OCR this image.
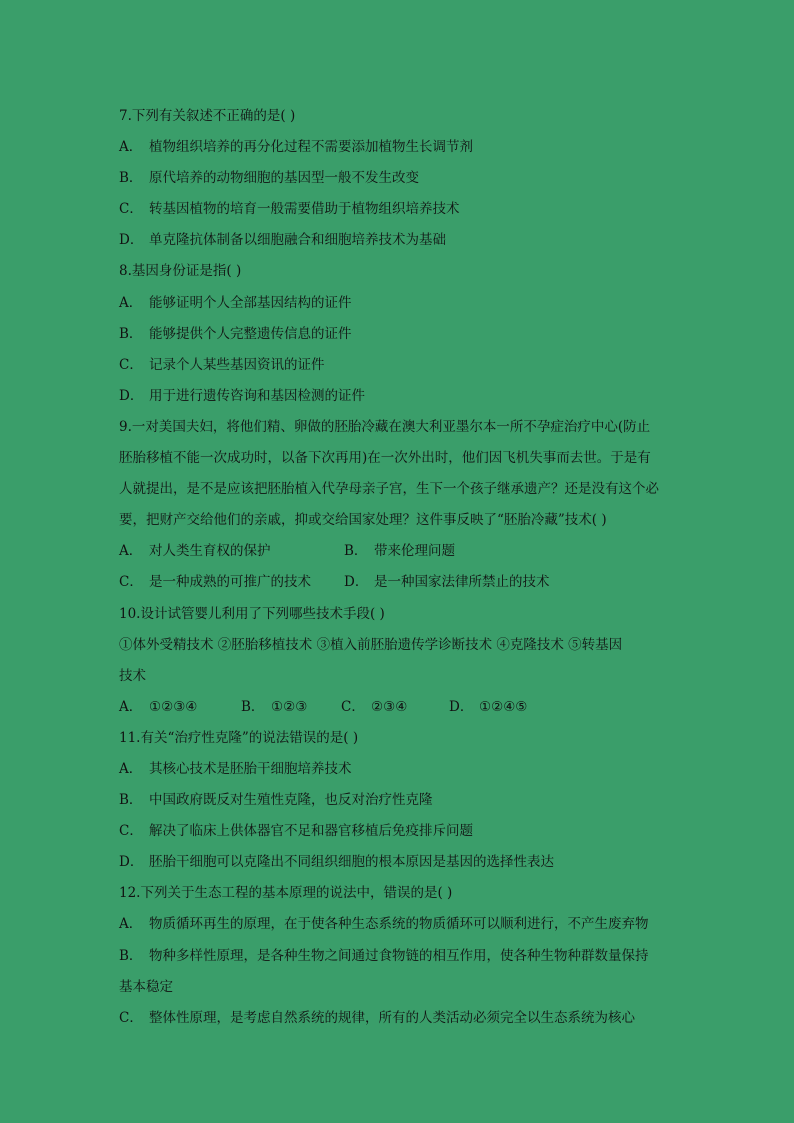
7.下列有关叙述不正确的是( )
A． 植物组织培养的再分化过程不需要添加植物生长调节剂
B． 原代培养的动物细胞的基因型一般不发生改变
C． 转基因植物的培育一般需要借助于植物组织培养技术
D． 单克隆抗体制备以细胞融合和细胞培养技术为基础
8.基因身份证是指( )
A． 能够证明个人全部基因结构的证件
B． 能够提供个人完整遗传信息的证件
C． 记录个人某些基因资讯的证件
D． 用于进行遗传咨询和基因检测的证件
9.一对美国夫妇，将他们精、卵做的胚胎冷藏在澳大利亚墨尔本一所不孕症治疗中心(防止
胚胎移植不能一次成功时，以备下次再用)在一次外出时，他们因飞机失事而去世。于是有
人就提出，是不是应该把胚胎植入代孕母亲子宫，生下一个孩子继承遗产？还是没有这个必
要，把财产交给他们的亲戚，抑或交给国家处理？这件事反映了“胚胎冷藏”技术( )
A． 对人类生育权的保护	B． 带来伦理问题
C． 是一种成熟的可推广的技术 D． 是一种国家法律所禁止的技术
10.设计试管婴儿利用了下列哪些技术手段( )
①体外受精技术 ②胚胎移植技术 ③植入前胚胎遗传学诊断技术 ④克隆技术 ⑤转基因
技术
A． ①②③④	B． ①②③ C． ②③④	D． ①②④⑤
11.有关“治疗性克隆”的说法错误的是( )
A． 其核心技术是胚胎干细胞培养技术
B． 中国政府既反对生殖性克隆，也反对治疗性克隆
C． 解决了临床上供体器官不足和器官移植后免疫排斥问题
D． 胚胎干细胞可以克隆出不同组织细胞的根本原因是基因的选择性表达
12.下列关于生态工程的基本原理的说法中，错误的是( )
A． 物质循环再生的原理，在于使各种生态系统的物质循环可以顺利进行，不产生废弃物
B． 物种多样性原理，是各种生物之间通过食物链的相互作用，使各种生物种群数量保持
基本稳定
C． 整体性原理，是考虑自然系统的规律，所有的人类活动必须完全以生态系统为核心
